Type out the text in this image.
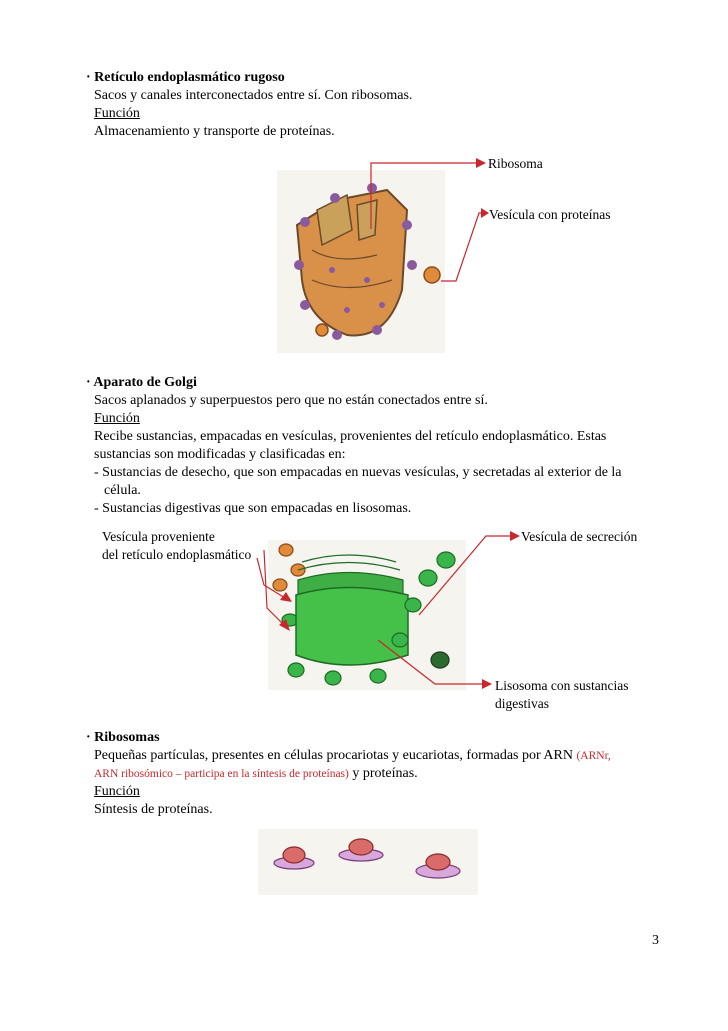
· Retículo endoplasmático rugoso
Sacos y canales interconectados entre sí. Con ribosomas.
Función
Almacenamiento y transporte de proteínas.
Ribosoma
Vesícula con proteínas
· Aparato de Golgi
Sacos aplanados y superpuestos pero que no están conectados entre sí.
Función
Recibe sustancias, empacadas en vesículas, provenientes del retículo endoplasmático. Estas
sustancias son modificadas y clasificadas en:
- Sustancias de desecho, que son empacadas en nuevas vesículas, y secretadas al exterior de la
célula.
- Sustancias digestivas que son empacadas en lisosomas.
Vesícula proveniente
del retículo endoplasmático
Vesícula de secreción
Lisosoma con sustancias
digestivas
· Ribosomas
Pequeñas partículas, presentes en células procariotas y eucariotas, formadas por ARN (ARNr,
ARN ribosómico – participa en la síntesis de proteínas) y proteínas.
Función
Síntesis de proteínas.
3
